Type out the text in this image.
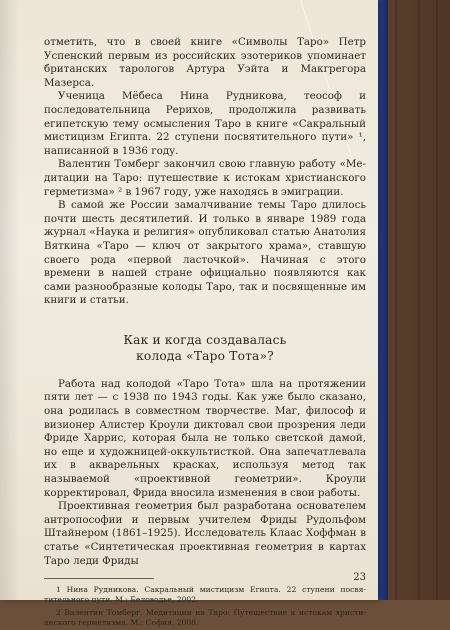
отметить, что в своей книге «Символы Таро» Петр Успенский первым из российских эзотериков упоминает британских тарологов Артура Уэйта и Макгрегора Мазерса.

Ученица Мёбеса Нина Рудникова, теософ и последовательница Рерихов, продолжила развивать египетскую тему осмысления Таро в книге «Сакральный мистицизм Египта. 22 ступени посвятительного пути» ¹, написанной в 1936 году.

Валентин Томберг закончил свою главную работу «Медитации на Таро: путешествие к истокам христианского герметизма» ² в 1967 году, уже находясь в эмиграции.

В самой же России замалчивание темы Таро длилось почти шесть десятилетий. И только в январе 1989 года журнал «Наука и религия» опубликовал статью Анатолия Вяткина «Таро — ключ от закрытого храма», ставшую своего рода «первой ласточкой». Начиная с этого времени в нашей стране официально появляются как сами разнообразные колоды Таро, так и посвященные им книги и статьи.

Как и когда создавалась
колода «Таро Тота»?

Работа над колодой «Таро Тота» шла на протяжении пяти лет — с 1938 по 1943 годы. Как уже было сказано, она родилась в совместном творчестве. Маг, философ и визионер Алистер Кроули диктовал свои прозрения леди Фриде Харрис, которая была не только светской дамой, но еще и художницей-оккультисткой. Она запечатлевала их в акварельных красках, используя метод так называемой «проективной геометрии». Кроули корректировал, Фрида вносила изменения в свои работы.

Проективная геометрия был разработана основателем антропософии и первым учителем Фриды Рудольфом Штайнером (1861–1925). Исследователь Клаас Хоффман в статье «Синтетическая проективная геометрия в картах Таро леди Фриды

1 Нина Рудникова. Сакральный мистицизм Египта. 22 ступени посвятительного пути. М.: Беловодье, 2002.

2 Валентин Томберг. Медитации на Таро: Путешествие к истокам христианского герметизма. М.: София, 2008.

23
